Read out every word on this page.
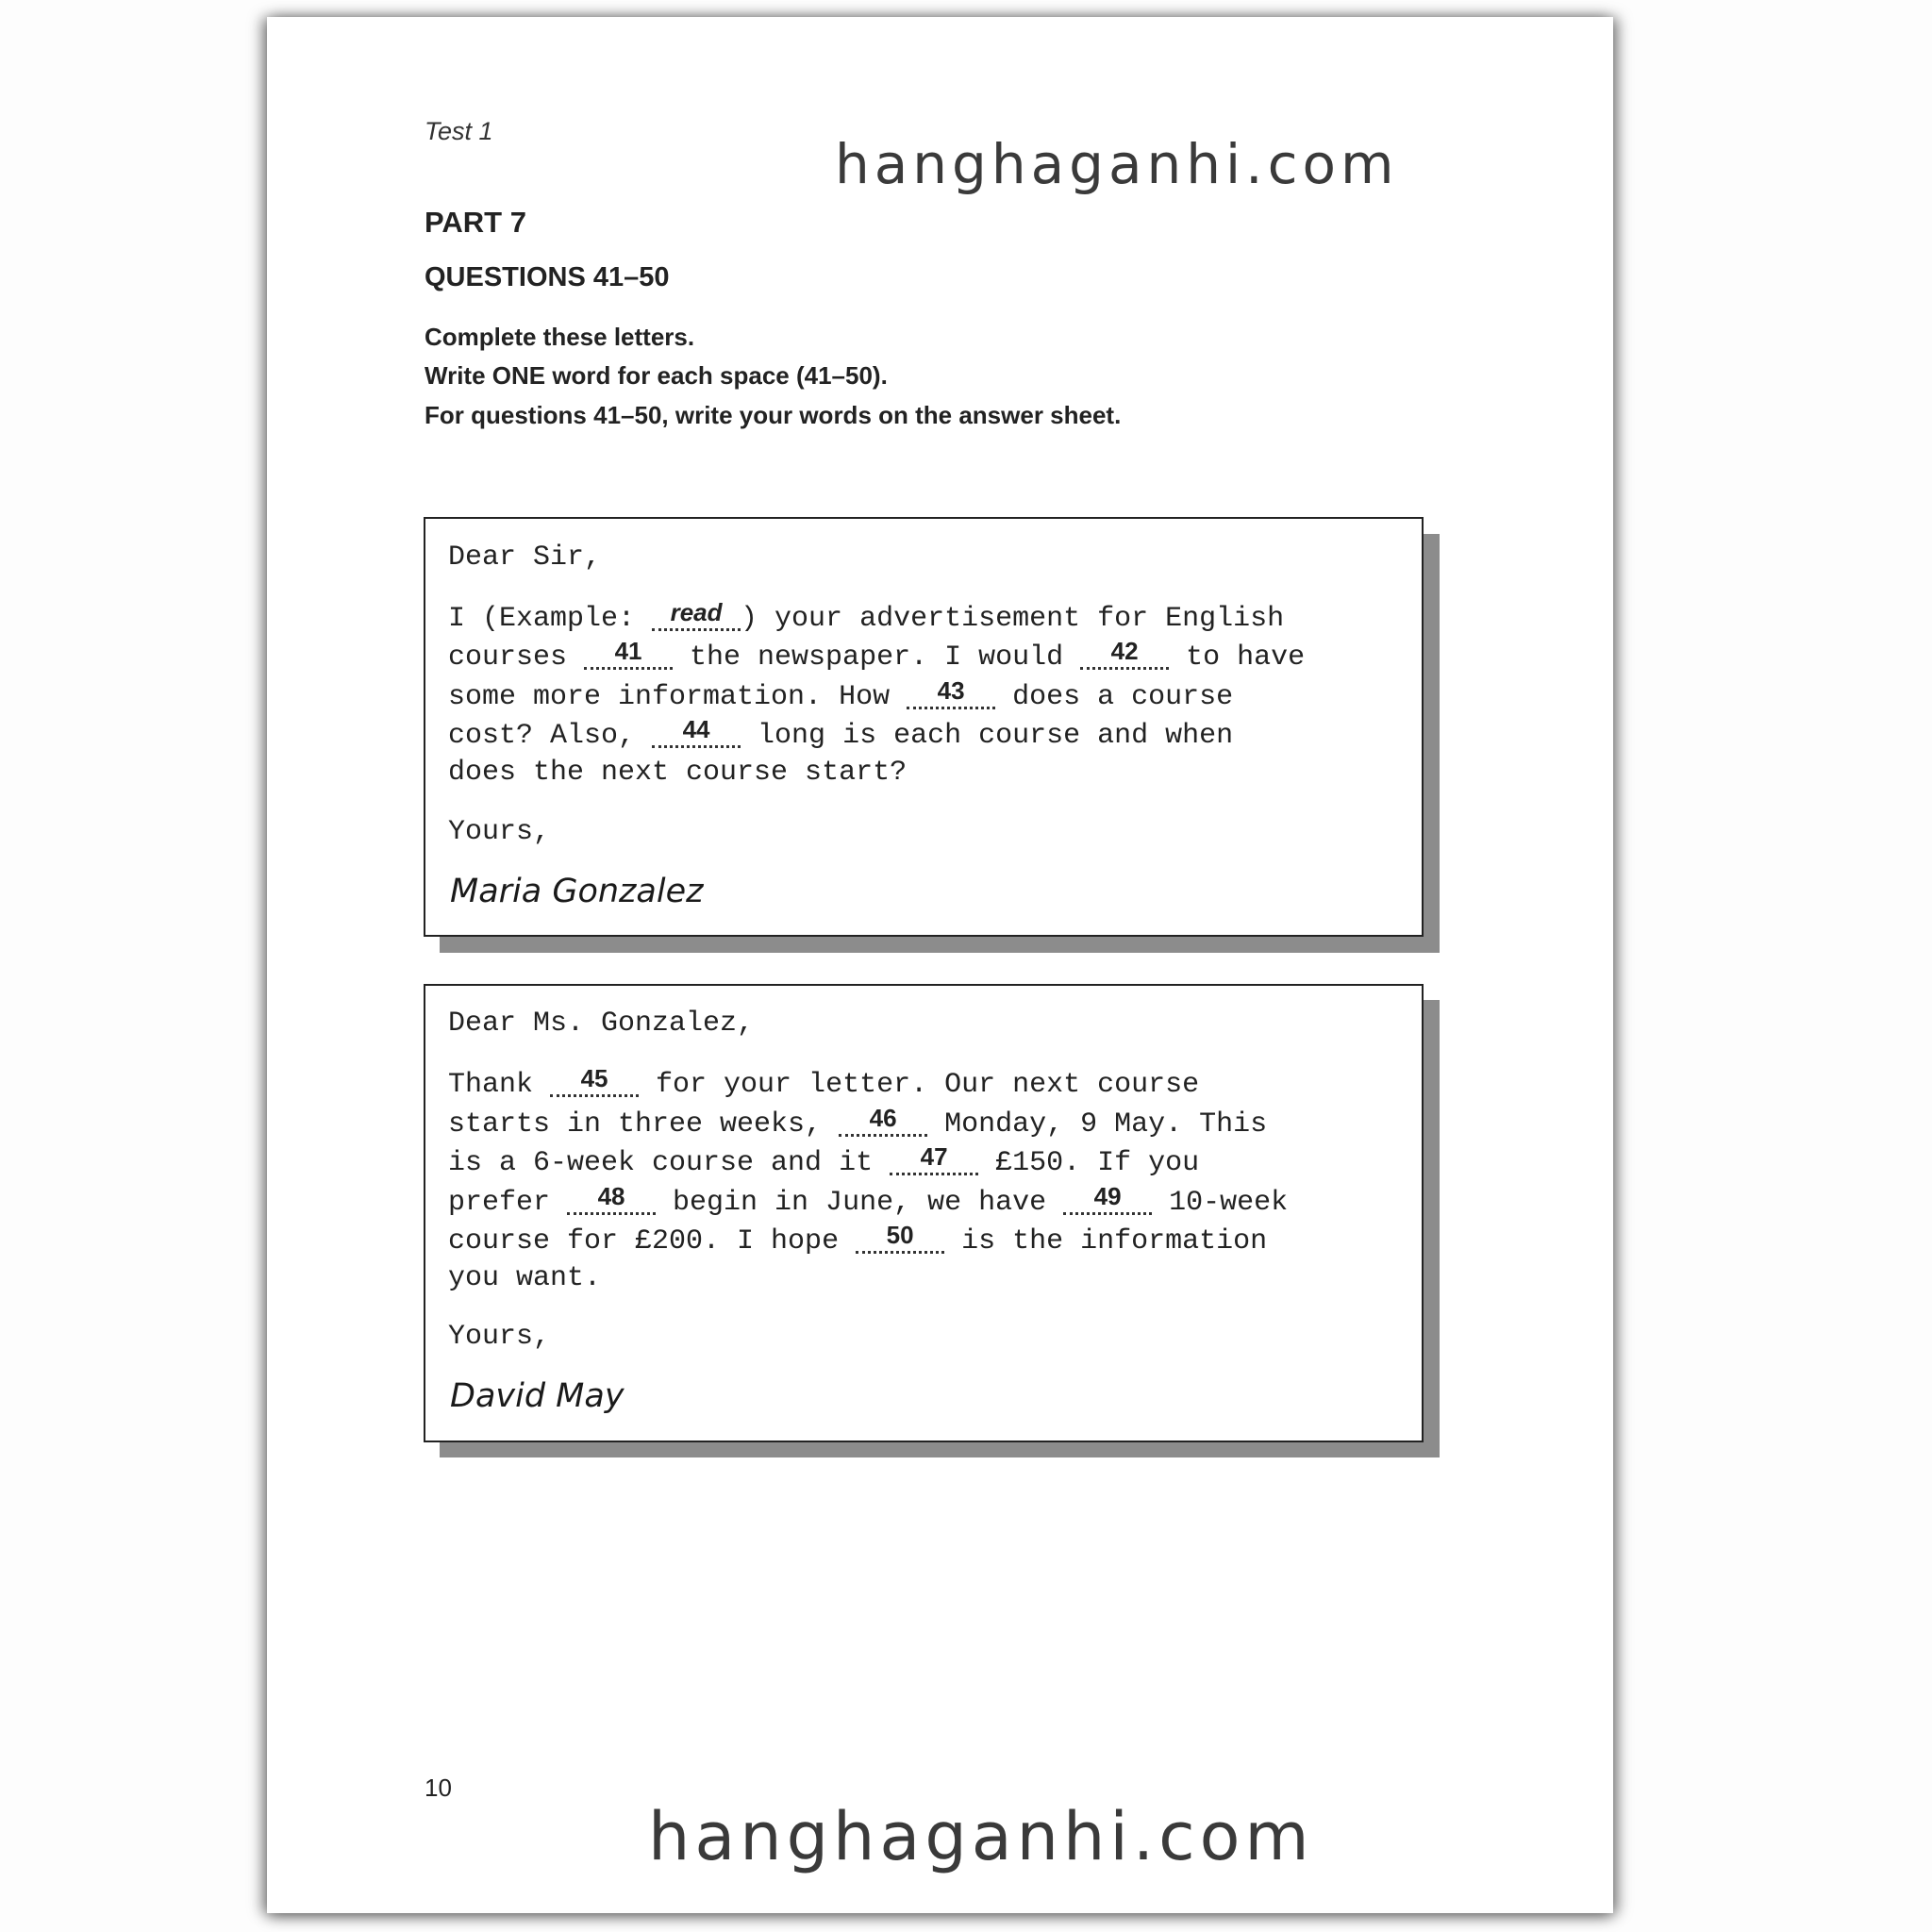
Test 1
hanghaganhi.com
PART 7
QUESTIONS 41–50
Complete these letters.
Write ONE word for each space (41–50).
For questions 41–50, write your words on the answer sheet.
Dear Sir,
I (Example: read ) your advertisement for English
courses 41 the newspaper. I would 42 to have
some more information. How 43 does a course
cost? Also, 44 long is each course and when
does the next course start?
Yours,
Maria Gonzalez
Dear Ms. Gonzalez,
Thank 45 for your letter. Our next course
starts in three weeks, 46 Monday, 9 May. This
is a 6-week course and it 47 £150. If you
prefer 48 begin in June, we have 49 10-week
course for £200. I hope 50 is the information
you want.
Yours,
David May
10
hanghaganhi.com
